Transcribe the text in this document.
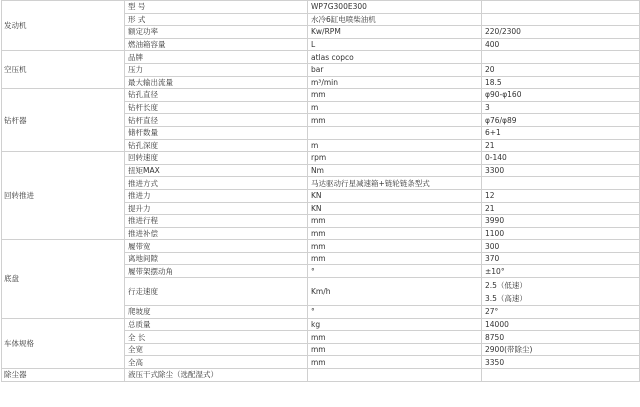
发动机	型 号	WP7G300E300	
	形 式	水冷6缸电喷柴油机	
	额定功率	Kw/RPM	220/2300
	燃油箱容量	L	400
空压机	品牌	atlas copco	
	压力	bar	20
	最大输出流量	m³/min	18.5
钻杆器	钻孔直径	mm	φ90-φ160
	钻杆长度	m	3
	钻杆直径	mm	φ76/φ89
	储杆数量		6+1
	钻孔深度	m	21
回转推进	回转速度	rpm	0-140
	扭矩MAX	Nm	3300
	推进方式	马达驱动行星减速箱+链轮链条型式	
	推进力	KN	12
	提升力	KN	21
	推进行程	mm	3990
	推进补偿	mm	1100
底盘	履带宽	mm	300
	离地间隙	mm	370
	履带架摆动角	°	±10°
	行走速度	Km/h	2.5（低速）
3.5（高速）

	爬坡度	°	27°
车体规格	总质量	kg	14000
	全 长	mm	8750
	全宽	mm	2900(带除尘)
	全高	mm	3350
除尘器	液压干式除尘（选配湿式）		
